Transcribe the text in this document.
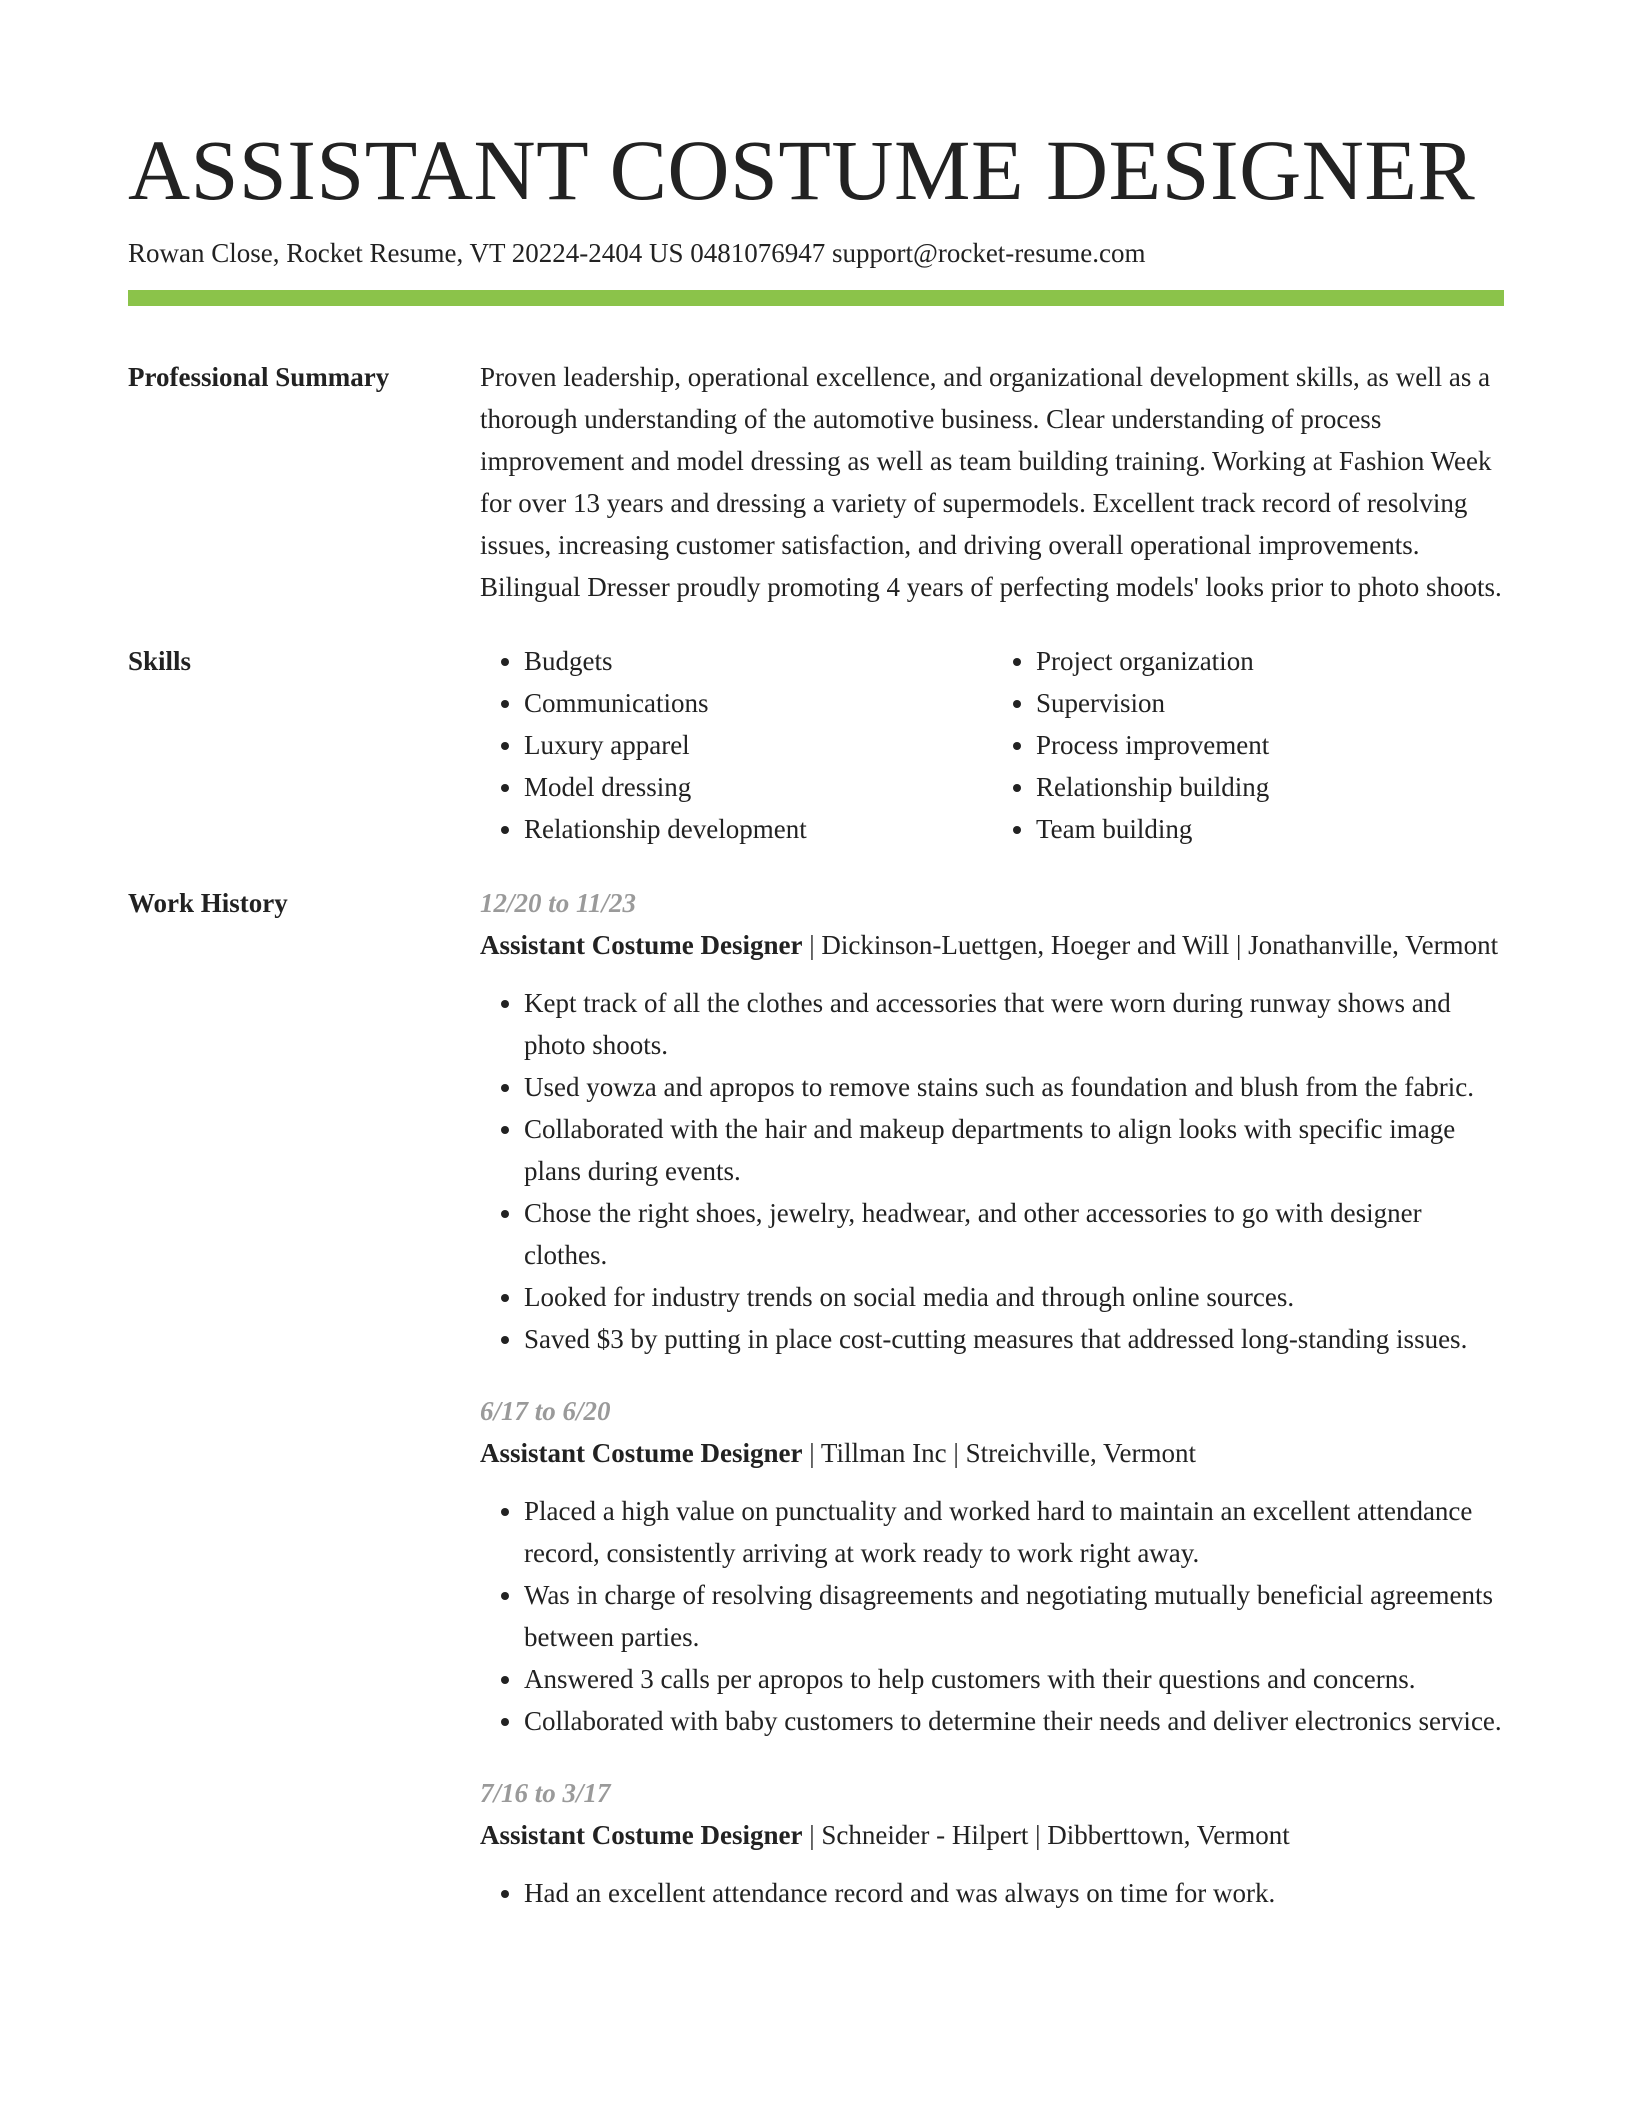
ASSISTANT COSTUME DESIGNER
Rowan Close, Rocket Resume, VT 20224-2404 US 0481076947 support@rocket-resume.com
Professional Summary	Proven leadership, operational excellence, and organizational development skills, as well as a thorough understanding of the automotive business. Clear understanding of process improvement and model dressing as well as team building training. Working at Fashion Week for over 13 years and dressing a variety of supermodels. Excellent track record of resolving issues, increasing customer satisfaction, and driving overall operational improvements. Bilingual Dresser proudly promoting 4 years of perfecting models' looks prior to photo shoots.

Skills
•	Budgets
• Communications
• Luxury apparel
• Model dressing
• Relationship development
• Project organization
• Supervision
• Process improvement
• Relationship building
• Team building
Work History	12/20 to 11/23
Assistant Costume Designer | Dickinson-Luettgen, Hoeger and Will | Jonathanville, Vermont
• Kept track of all the clothes and accessories that were worn during runway shows and photo shoots.
• Used yowza and apropos to remove stains such as foundation and blush from the fabric.
• Collaborated with the hair and makeup departments to align looks with specific image plans during events.
• Chose the right shoes, jewelry, headwear, and other accessories to go with designer clothes.
• Looked for industry trends on social media and through online sources.
• Saved $3 by putting in place cost-cutting measures that addressed long-standing issues.
6/17 to 6/20
Assistant Costume Designer | Tillman Inc | Streichville, Vermont
• Placed a high value on punctuality and worked hard to maintain an excellent attendance record, consistently arriving at work ready to work right away.
• Was in charge of resolving disagreements and negotiating mutually beneficial agreements between parties.
• Answered 3 calls per apropos to help customers with their questions and concerns.
• Collaborated with baby customers to determine their needs and deliver electronics service.
7/16 to 3/17
Assistant Costume Designer | Schneider - Hilpert | Dibberttown, Vermont
• Had an excellent attendance record and was always on time for work.
